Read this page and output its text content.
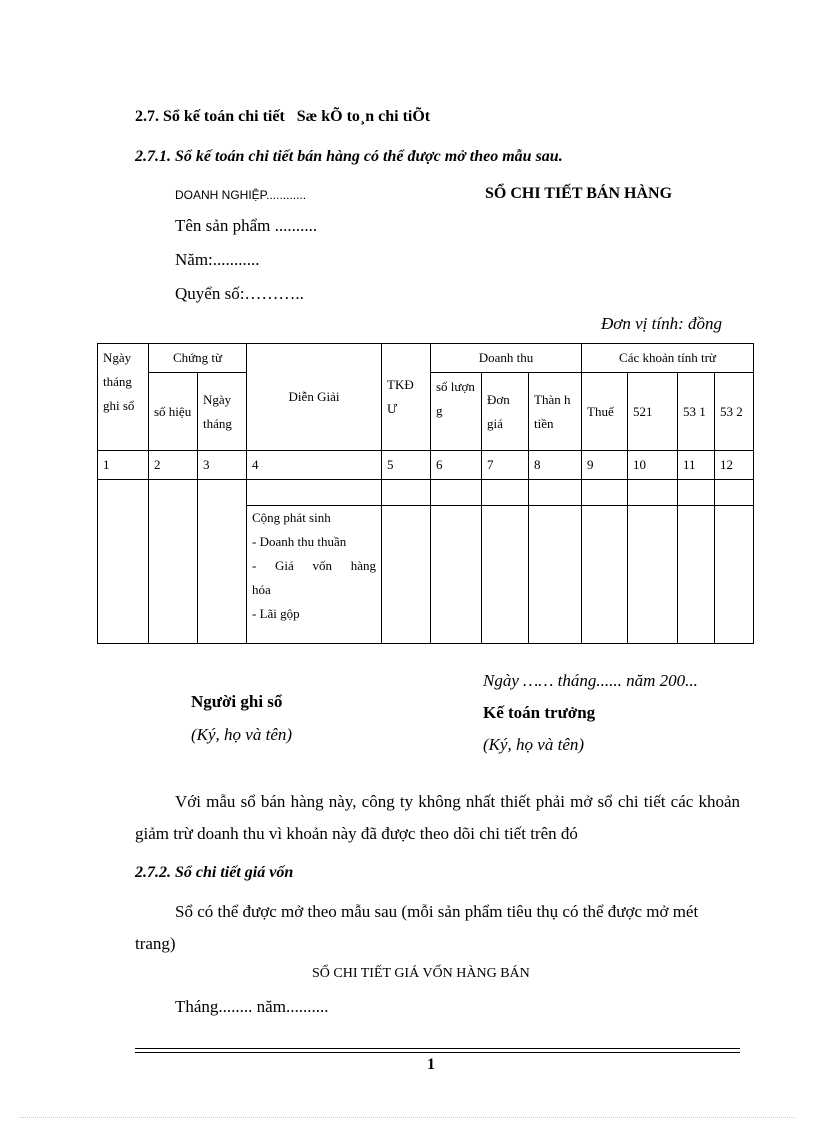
2.7. Sổ kế toán chi tiết Sæ kÕ to¸n chi tiÕt
2.7.1. Sổ kế toán chi tiết bán hàng có thể được mở theo mẫu sau.
DOANH NGHIỆP............	SỔ CHI TIẾT BÁN HÀNG
Tên sản phẩm ..........
Năm:...........
Quyển số:………..
Đơn vị tính: đồng
Ngày tháng ghi sổ	Chứng từ		Diễn Giải	TKĐ Ư	Doanh thu			Các khoản tính trừ			
	số hiệu	Ngày tháng			số lượn g	Đơn giá	Thàn h tiền	Thuế	521	53 1	53 2
1	2	3	4	5	6	7	8	9	10	11	12

			Cộng phát sinh
- Doanh thu thuần
- Giá vốn hàng
hóa
- Lãi gộp								

Ngày …… tháng...... năm 200...
Người ghi sổ
(Ký, họ và tên)
Kế toán trưởng
(Ký, họ và tên)
Với mẫu sổ bán hàng này, công ty không nhất thiết phải mở sổ chi tiết các khoản giảm trừ doanh thu vì khoản này đã được theo dõi chi tiết trên đó
2.7.2. Sổ chi tiết giá vốn
Sổ có thể được mở theo mẫu sau (mỗi sản phẩm tiêu thụ có thể được mở mét trang)
SỔ CHI TIẾT GIÁ VỐN HÀNG BÁN
Tháng........ năm..........
1
